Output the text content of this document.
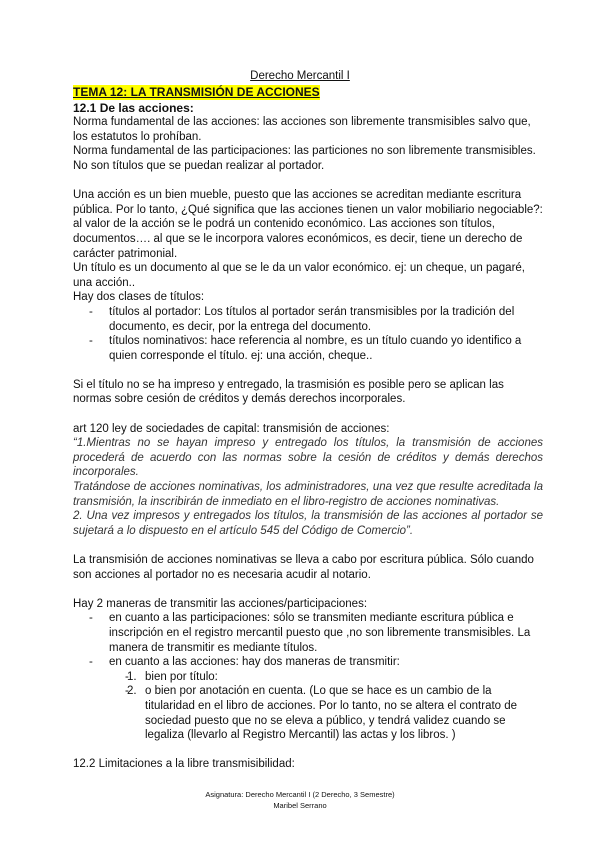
Derecho Mercantil I
TEMA 12: LA TRANSMISIÓN DE ACCIONES

12.1 De las acciones:

Norma fundamental de las acciones: las acciones son libremente transmisibles salvo que, los estatutos lo prohíban.

Norma fundamental de las participaciones: las particiones no son libremente transmisibles. No son títulos que se puedan realizar al portador.

Una acción es un bien mueble, puesto que las acciones se acreditan mediante escritura pública. Por lo tanto, ¿Qué significa que las acciones tienen un valor mobiliario negociable?: al valor de la acción se le podrá un contenido económico. Las acciones son títulos, documentos…. al que se le incorpora valores económicos, es decir, tiene un derecho de carácter patrimonial.

Un título es un documento al que se le da un valor económico. ej: un cheque, un pagaré, una acción..

Hay dos clases de títulos:

- títulos al portador: Los títulos al portador serán transmisibles por la tradición del documento, es decir, por la entrega del documento.
- títulos nominativos: hace referencia al nombre, es un título cuando yo identifico a quien corresponde el título. ej: una acción, cheque..

Si el título no se ha impreso y entregado, la trasmisión es posible pero se aplican las normas sobre cesión de créditos y demás derechos incorporales.

art 120 ley de sociedades de capital: transmisión de acciones:

“1.Mientras no se hayan impreso y entregado los títulos, la transmisión de acciones procederá de acuerdo con las normas sobre la cesión de créditos y demás derechos incorporales.

Tratándose de acciones nominativas, los administradores, una vez que resulte acreditada la transmisión, la inscribirán de inmediato en el libro-registro de acciones nominativas.

2. Una vez impresos y entregados los títulos, la transmisión de las acciones al portador se sujetará a lo dispuesto en el artículo 545 del Código de Comercio”.

La transmisión de acciones nominativas se lleva a cabo por escritura pública. Sólo cuando son acciones al portador no es necesaria acudir al notario.

Hay 2 maneras de transmitir las acciones/participaciones:

- en cuanto a las participaciones: sólo se transmiten mediante escritura pública e inscripción en el registro mercantil puesto que ,no son libremente transmisibles. La manera de transmitir es mediante títulos.
- en cuanto a las acciones: hay dos maneras de transmitir:
- 1. bien por título:
- 2. o bien por anotación en cuenta. (Lo que se hace es un cambio de la titularidad en el libro de acciones. Por lo tanto, no se altera el contrato de sociedad puesto que no se eleva a público, y tendrá validez cuando se legaliza (llevarlo al Registro Mercantil) las actas y los libros. )

12.2 Limitaciones a la libre transmisibilidad:

Asignatura: Derecho Mercantil I (2 Derecho, 3 Semestre)
Maribel Serrano
